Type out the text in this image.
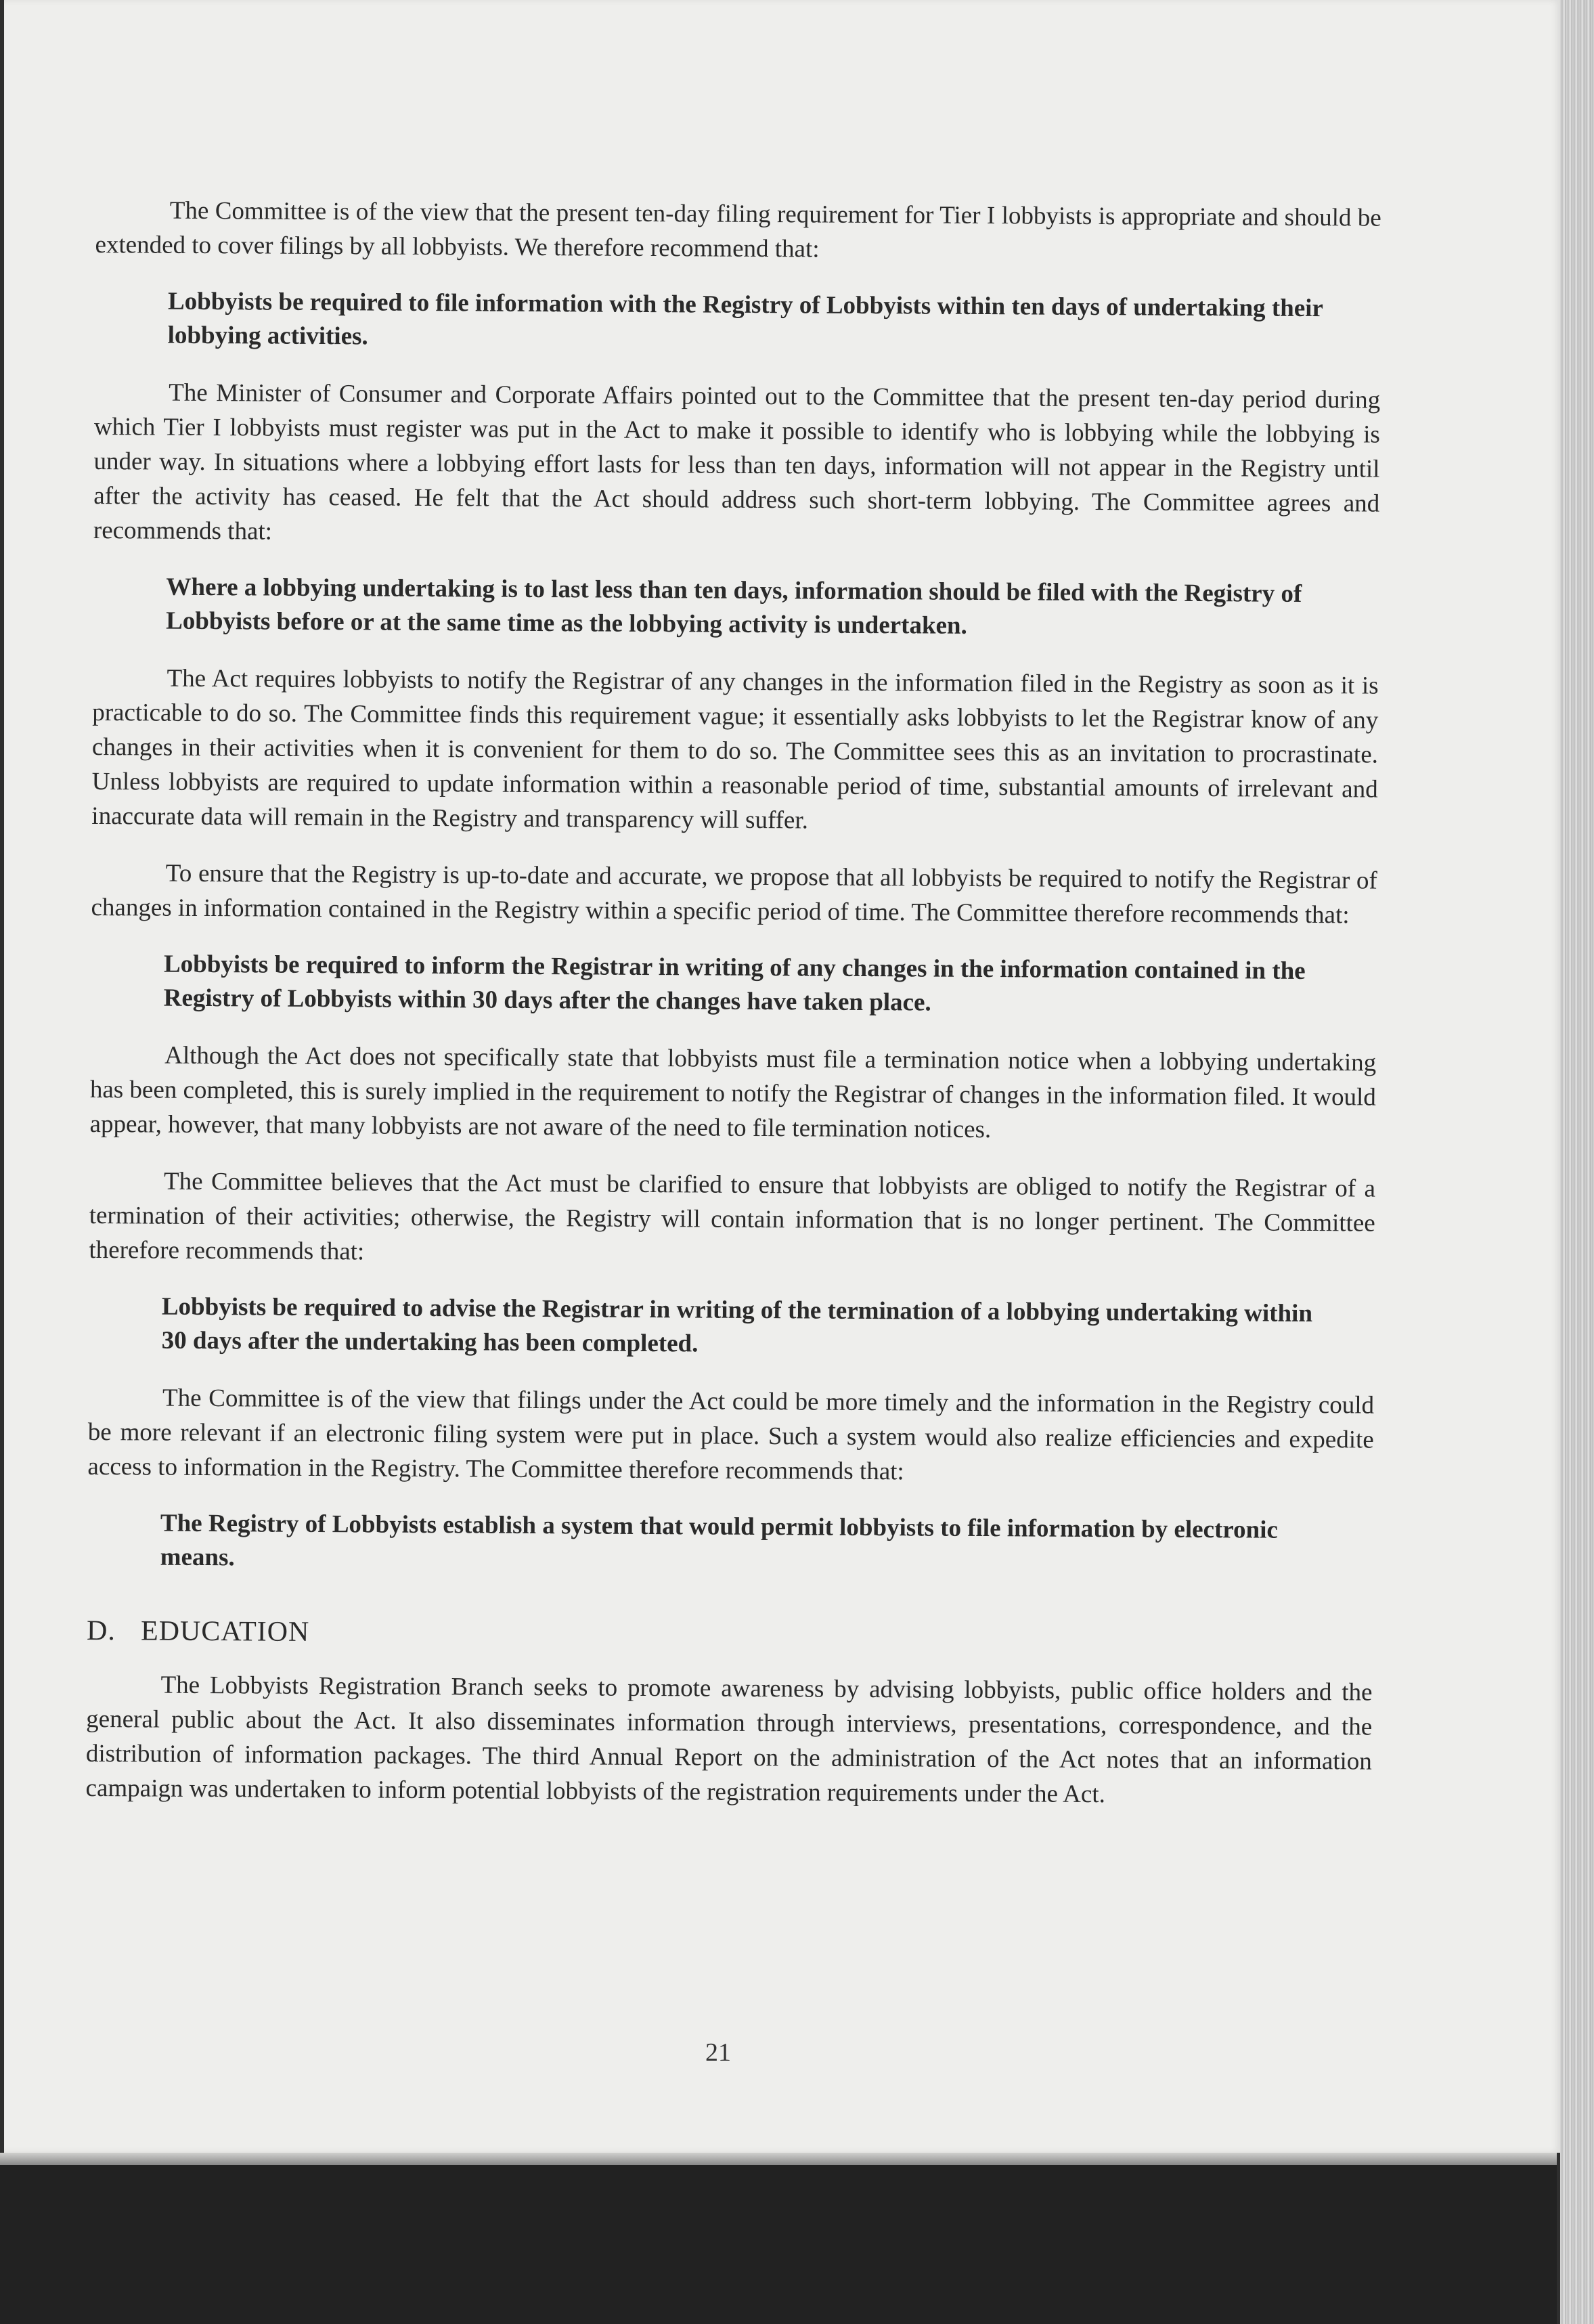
The Committee is of the view that the present ten-day filing requirement for Tier I lobbyists is appropriate and should be extended to cover filings by all lobbyists. We therefore recommend that:

Lobbyists be required to file information with the Registry of Lobbyists within ten days of undertaking their lobbying activities.

The Minister of Consumer and Corporate Affairs pointed out to the Committee that the present ten-day period during which Tier I lobbyists must register was put in the Act to make it possible to identify who is lobbying while the lobbying is under way. In situations where a lobbying effort lasts for less than ten days, information will not appear in the Registry until after the activity has ceased. He felt that the Act should address such short-term lobbying. The Committee agrees and recommends that:

Where a lobbying undertaking is to last less than ten days, information should be filed with the Registry of Lobbyists before or at the same time as the lobbying activity is undertaken.

The Act requires lobbyists to notify the Registrar of any changes in the information filed in the Registry as soon as it is practicable to do so. The Committee finds this requirement vague; it essentially asks lobbyists to let the Registrar know of any changes in their activities when it is convenient for them to do so. The Committee sees this as an invitation to procrastinate. Unless lobbyists are required to update information within a reasonable period of time, substantial amounts of irrelevant and inaccurate data will remain in the Registry and transparency will suffer.

To ensure that the Registry is up-to-date and accurate, we propose that all lobbyists be required to notify the Registrar of changes in information contained in the Registry within a specific period of time. The Committee therefore recommends that:

Lobbyists be required to inform the Registrar in writing of any changes in the information contained in the Registry of Lobbyists within 30 days after the changes have taken place.

Although the Act does not specifically state that lobbyists must file a termination notice when a lobbying undertaking has been completed, this is surely implied in the requirement to notify the Registrar of changes in the information filed. It would appear, however, that many lobbyists are not aware of the need to file termination notices.

The Committee believes that the Act must be clarified to ensure that lobbyists are obliged to notify the Registrar of a termination of their activities; otherwise, the Registry will contain information that is no longer pertinent. The Committee therefore recommends that:

Lobbyists be required to advise the Registrar in writing of the termination of a lobbying undertaking within 30 days after the undertaking has been completed.

The Committee is of the view that filings under the Act could be more timely and the information in the Registry could be more relevant if an electronic filing system were put in place. Such a system would also realize efficiencies and expedite access to information in the Registry. The Committee therefore recommends that:

The Registry of Lobbyists establish a system that would permit lobbyists to file information by electronic means.

D. EDUCATION

The Lobbyists Registration Branch seeks to promote awareness by advising lobbyists, public office holders and the general public about the Act. It also disseminates information through interviews, presentations, correspondence, and the distribution of information packages. The third Annual Report on the administration of the Act notes that an information campaign was undertaken to inform potential lobbyists of the registration requirements under the Act.

21
